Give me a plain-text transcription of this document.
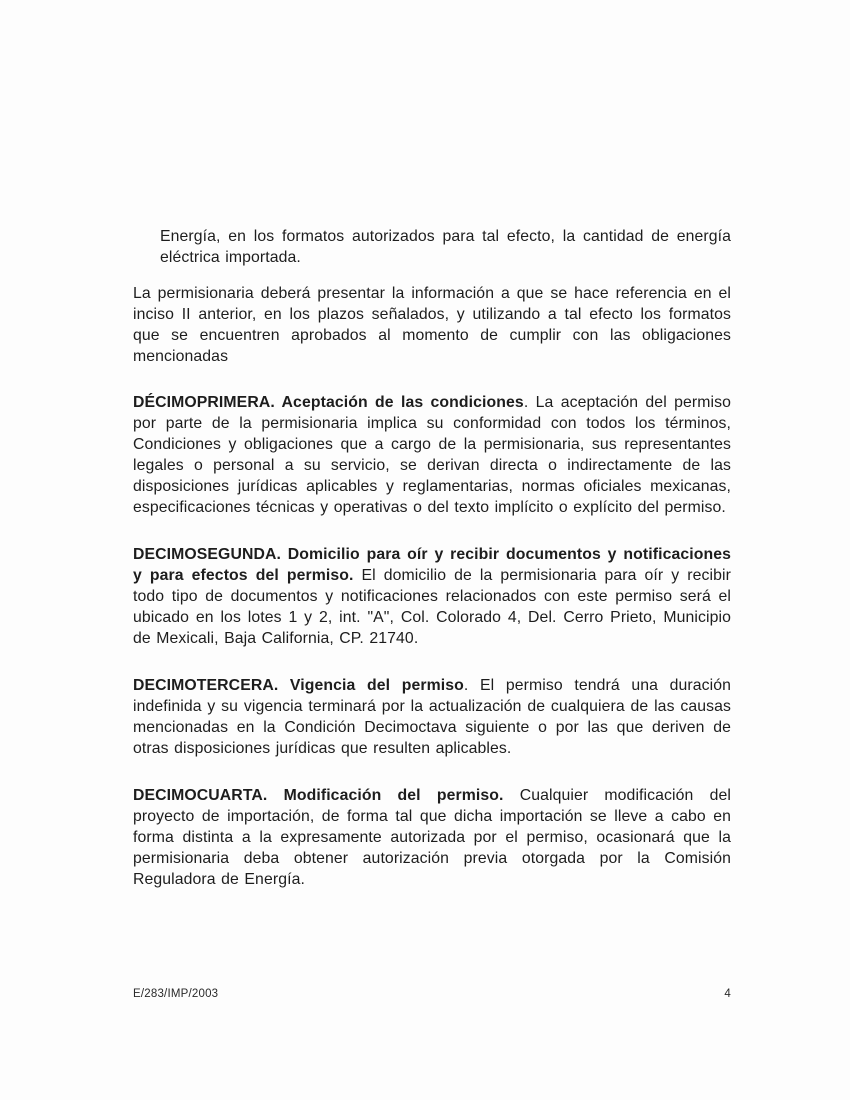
Energía, en los formatos autorizados para tal efecto, la cantidad de energía eléctrica importada.

La permisionaria deberá presentar la información a que se hace referencia en el inciso II anterior, en los plazos señalados, y utilizando a tal efecto los formatos que se encuentren aprobados al momento de cumplir con las obligaciones mencionadas

DÉCIMOPRIMERA. Aceptación de las condiciones. La aceptación del permiso por parte de la permisionaria implica su conformidad con todos los términos, Condiciones y obligaciones que a cargo de la permisionaria, sus representantes legales o personal a su servicio, se derivan directa o indirectamente de las disposiciones jurídicas aplicables y reglamentarias, normas oficiales mexicanas, especificaciones técnicas y operativas o del texto implícito o explícito del permiso.

DECIMOSEGUNDA. Domicilio para oír y recibir documentos y notificaciones y para efectos del permiso. El domicilio de la permisionaria para oír y recibir todo tipo de documentos y notificaciones relacionados con este permiso será el ubicado en los lotes 1 y 2, int. "A", Col. Colorado 4, Del. Cerro Prieto, Municipio de Mexicali, Baja California, CP. 21740.

DECIMOTERCERA. Vigencia del permiso. El permiso tendrá una duración indefinida y su vigencia terminará por la actualización de cualquiera de las causas mencionadas en la Condición Decimoctava siguiente o por las que deriven de otras disposiciones jurídicas que resulten aplicables.

DECIMOCUARTA. Modificación del permiso. Cualquier modificación del proyecto de importación, de forma tal que dicha importación se lleve a cabo en forma distinta a la expresamente autorizada por el permiso, ocasionará que la permisionaria deba obtener autorización previa otorgada por la Comisión Reguladora de Energía.

E/283/IMP/2003	4
